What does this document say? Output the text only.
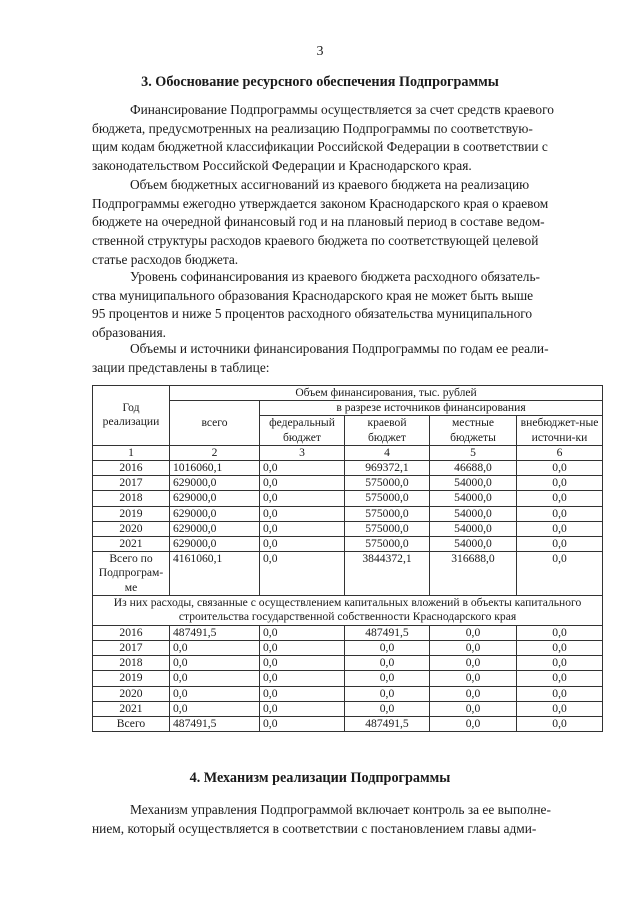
3
3. Обоснование ресурсного обеспечения Подпрограммы

Финансирование Подпрограммы осуществляется за счет средств краевого
бюджета, предусмотренных на реализацию Подпрограммы по соответствую-
щим кодам бюджетной классификации Российской Федерации в соответствии с
законодательством Российской Федерации и Краснодарского края.

Объем бюджетных ассигнований из краевого бюджета на реализацию
Подпрограммы ежегодно утверждается законом Краснодарского края о краевом
бюджете на очередной финансовый год и на плановый период в составе ведом-
ственной структуры расходов краевого бюджета по соответствующей целевой
статье расходов бюджета.

Уровень софинансирования из краевого бюджета расходного обязатель-
ства муниципального образования Краснодарского края не может быть выше
95 процентов и ниже 5 процентов расходного обязательства муниципального
образования.

Объемы и источники финансирования Подпрограммы по годам ее реали-
зации представлены в таблице:

Год реализации	Объем финансирования, тыс. рублей				
	всего	в разрезе источников финансирования			
		федеральный бюджет	краевой бюджет	местные бюджеты	внебюджет-ные источни-ки
1	2	3	4	5	6
2016	1016060,1	0,0	969372,1	46688,0	0,0
2017	629000,0	0,0	575000,0	54000,0	0,0
2018	629000,0	0,0	575000,0	54000,0	0,0
2019	629000,0	0,0	575000,0	54000,0	0,0
2020	629000,0	0,0	575000,0	54000,0	0,0
2021	629000,0	0,0	575000,0	54000,0	0,0
Всего по Подпрограм-ме	4161060,1	0,0	3844372,1	316688,0	0,0
Из них расходы, связанные с осуществлением капитальных вложений в объекты капитального строительства государственной собственности Краснодарского края					
2016	487491,5	0,0	487491,5	0,0	0,0
2017	0,0	0,0	0,0	0,0	0,0
2018	0,0	0,0	0,0	0,0	0,0
2019	0,0	0,0	0,0	0,0	0,0
2020	0,0	0,0	0,0	0,0	0,0
2021	0,0	0,0	0,0	0,0	0,0
Всего	487491,5	0,0	487491,5	0,0	0,0
4. Механизм реализации Подпрограммы

Механизм управления Подпрограммой включает контроль за ее выполне-
нием, который осуществляется в соответствии с постановлением главы адми-
